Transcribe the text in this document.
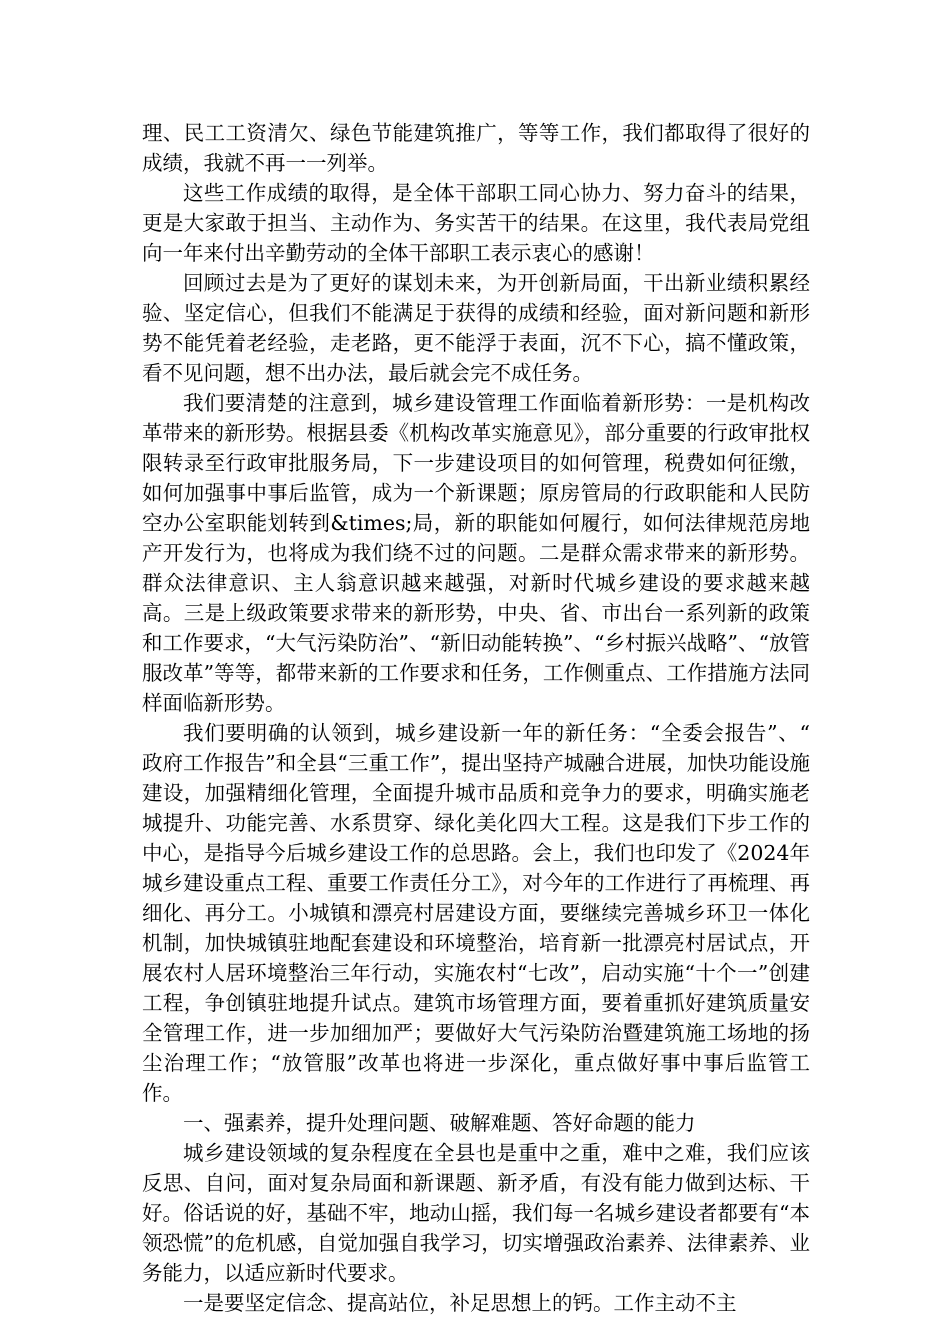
理、民工工资清欠、绿色节能建筑推广，等等工作，我们都取得了很好的成绩，我就不再一一列举。

这些工作成绩的取得，是全体干部职工同心协力、努力奋斗的结果，更是大家敢于担当、主动作为、务实苦干的结果。在这里，我代表局党组向一年来付出辛勤劳动的全体干部职工表示衷心的感谢！

回顾过去是为了更好的谋划未来，为开创新局面，干出新业绩积累经验、坚定信心，但我们不能满足于获得的成绩和经验，面对新问题和新形势不能凭着老经验，走老路，更不能浮于表面，沉不下心，搞不懂政策，看不见问题，想不出办法，最后就会完不成任务。

我们要清楚的注意到，城乡建设管理工作面临着新形势：一是机构改革带来的新形势。根据县委《机构改革实施意见》，部分重要的行政审批权限转录至行政审批服务局，下一步建设项目的如何管理，税费如何征缴，如何加强事中事后监管，成为一个新课题；原房管局的行政职能和人民防空办公室职能划转到&times;局，新的职能如何履行，如何法律规范房地产开发行为，也将成为我们绕不过的问题。二是群众需求带来的新形势。群众法律意识、主人翁意识越来越强，对新时代城乡建设的要求越来越高。三是上级政策要求带来的新形势，中央、省、市出台一系列新的政策和工作要求，“大气污染防治”、“新旧动能转换”、“乡村振兴战略”、“放管服改革”等等，都带来新的工作要求和任务，工作侧重点、工作措施方法同样面临新形势。

我们要明确的认领到，城乡建设新一年的新任务：“全委会报告”、“ 政府工作报告”和全县“三重工作”，提出坚持产城融合进展，加快功能设施建设，加强精细化管理，全面提升城市品质和竞争力的要求，明确实施老城提升、功能完善、水系贯穿、绿化美化四大工程。这是我们下步工作的中心，是指导今后城乡建设工作的总思路。会上，我们也印发了《2024年城乡建设重点工程、重要工作责任分工》，对今年的工作进行了再梳理、再细化、再分工。小城镇和漂亮村居建设方面，要继续完善城乡环卫一体化机制，加快城镇驻地配套建设和环境整治，培育新一批漂亮村居试点，开展农村人居环境整治三年行动，实施农村“七改”，启动实施“十个一”创建工程，争创镇驻地提升试点。建筑市场管理方面，要着重抓好建筑质量安全管理工作，进一步加细加严；要做好大气污染防治暨建筑施工场地的扬尘治理工作；“放管服”改革也将进一步深化，重点做好事中事后监管工作。

一、强素养，提升处理问题、破解难题、答好命题的能力

城乡建设领域的复杂程度在全县也是重中之重，难中之难，我们应该反思、自问，面对复杂局面和新课题、新矛盾，有没有能力做到达标、干好。俗话说的好，基础不牢，地动山摇，我们每一名城乡建设者都要有“本领恐慌”的危机感，自觉加强自我学习，切实增强政治素养、法律素养、业务能力，以适应新时代要求。

一是要坚定信念、提高站位，补足思想上的钙。工作主动不主
